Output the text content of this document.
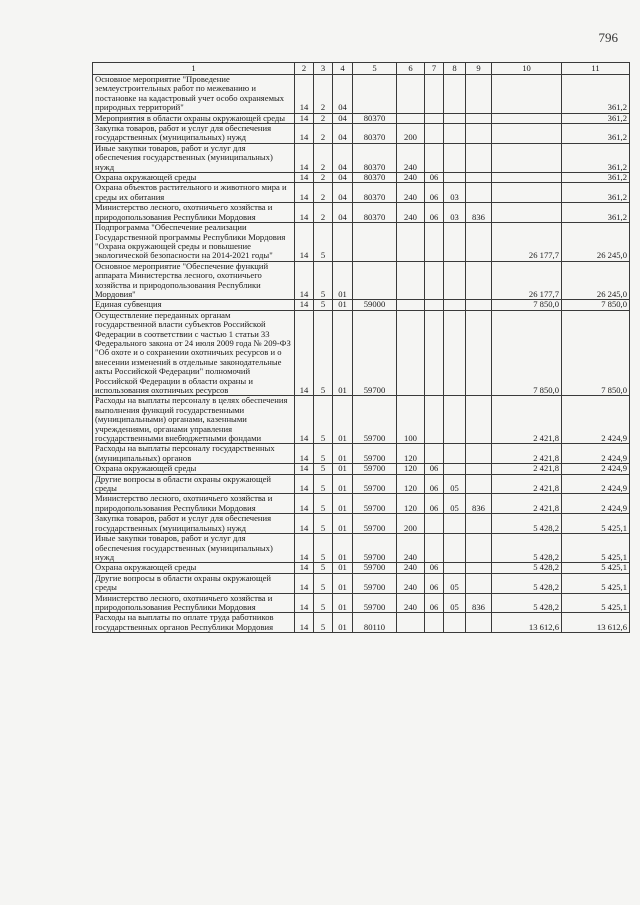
796
1	2	3	4	5	6	7	8	9	10	11
Основное мероприятие "Проведение землеустроительных работ по межеванию и постановке на кадастровый учет особо охраняемых природных территорий"	14	2	04							361,2
Мероприятия в области охраны окружающей среды	14	2	04	80370						361,2
Закупка товаров, работ и услуг для обеспечения государственных (муниципальных) нужд	14	2	04	80370	200					361,2
Иные закупки товаров, работ и услуг для обеспечения государственных (муниципальных) нужд	14	2	04	80370	240					361,2
Охрана окружающей среды	14	2	04	80370	240	06				361,2
Охрана объектов растительного и животного мира и среды их обитания	14	2	04	80370	240	06	03			361,2
Министерство лесного, охотничьего хозяйства и природопользования Республики Мордовия	14	2	04	80370	240	06	03	836		361,2
Подпрограмма "Обеспечение реализации Государственной программы Республики Мордовия "Охрана окружающей среды и повышение экологической безопасности на 2014-2021 годы"	14	5							26 177,7	26 245,0
Основное мероприятие "Обеспечение функций аппарата Министерства лесного, охотничьего хозяйства и природопользования Республики Мордовия"	14	5	01						26 177,7	26 245,0
Единая субвенция	14	5	01	59000					7 850,0	7 850,0
Осуществление переданных органам государственной власти субъектов Российской Федерации в соответствии с частью 1 статьи 33 Федерального закона от 24 июля 2009 года № 209-ФЗ "Об охоте и о сохранении охотничьих ресурсов и о внесении изменений в отдельные законодательные акты Российской Федерации" полномочий Российской Федерации в области охраны и использования охотничьих ресурсов	14	5	01	59700					7 850,0	7 850,0
Расходы на выплаты персоналу в целях обеспечения выполнения функций государственными (муниципальными) органами, казенными учреждениями, органами управления государственными внебюджетными фондами	14	5	01	59700	100				2 421,8	2 424,9
Расходы на выплаты персоналу государственных (муниципальных) органов	14	5	01	59700	120				2 421,8	2 424,9
Охрана окружающей среды	14	5	01	59700	120	06			2 421,8	2 424,9
Другие вопросы в области охраны окружающей среды	14	5	01	59700	120	06	05		2 421,8	2 424,9
Министерство лесного, охотничьего хозяйства и природопользования Республики Мордовия	14	5	01	59700	120	06	05	836	2 421,8	2 424,9
Закупка товаров, работ и услуг для обеспечения государственных (муниципальных) нужд	14	5	01	59700	200				5 428,2	5 425,1
Иные закупки товаров, работ и услуг для обеспечения государственных (муниципальных) нужд	14	5	01	59700	240				5 428,2	5 425,1
Охрана окружающей среды	14	5	01	59700	240	06			5 428,2	5 425,1
Другие вопросы в области охраны окружающей среды	14	5	01	59700	240	06	05		5 428,2	5 425,1
Министерство лесного, охотничьего хозяйства и природопользования Республики Мордовия	14	5	01	59700	240	06	05	836	5 428,2	5 425,1
Расходы на выплаты по оплате труда работников государственных органов Республики Мордовия	14	5	01	80110					13 612,6	13 612,6
